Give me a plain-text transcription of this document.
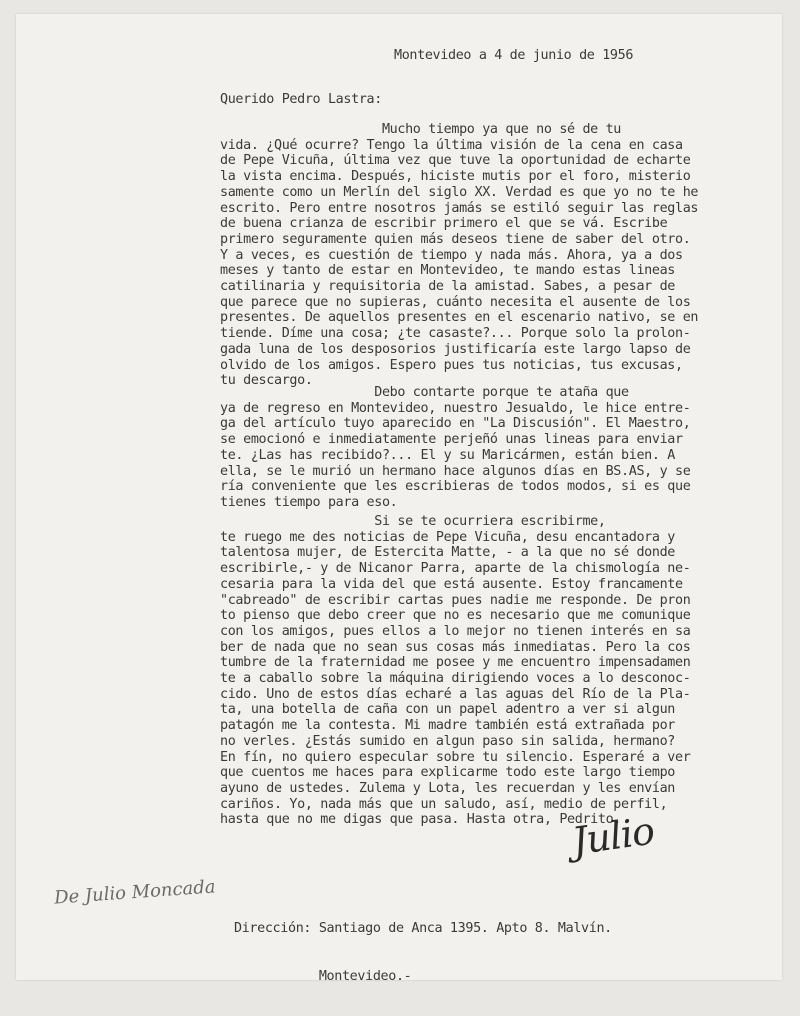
Montevideo a 4 de junio de 1956
Querido Pedro Lastra:
Mucho tiempo ya que no sé de tu
vida. ¿Qué ocurre? Tengo la última visión de la cena en casa
de Pepe Vicuña, última vez que tuve la oportunidad de echarte
la vista encima. Después, hiciste mutis por el foro, misterio
samente como un Merlín del siglo XX. Verdad es que yo no te he
escrito. Pero entre nosotros jamás se estiló seguir las reglas
de buena crianza de escribir primero el que se vá. Escribe
primero seguramente quien más deseos tiene de saber del otro.
Y a veces, es cuestión de tiempo y nada más. Ahora, ya a dos
meses y tanto de estar en Montevideo, te mando estas lineas
catilinaria y requisitoria de la amistad. Sabes, a pesar de
que parece que no supieras, cuánto necesita el ausente de los
presentes. De aquellos presentes en el escenario nativo, se en
tiende. Díme una cosa; ¿te casaste?... Porque solo la prolon-
gada luna de los desposorios justificaría este largo lapso de
olvido de los amigos. Espero pues tus noticias, tus excusas,
tu descargo.
Debo contarte porque te ataña que
ya de regreso en Montevideo, nuestro Jesualdo, le hice entre-
ga del artículo tuyo aparecido en "La Discusión". El Maestro,
se emocionó e inmediatamente perjeñó unas lineas para enviar
te. ¿Las has recibido?... El y su Maricármen, están bien. A
ella, se le murió un hermano hace algunos días en BS.AS, y se
ría conveniente que les escribieras de todos modos, si es que
tienes tiempo para eso.
Si se te ocurriera escribirme,
te ruego me des noticias de Pepe Vicuña, desu encantadora y
talentosa mujer, de Estercita Matte, - a la que no sé donde
escribirle,- y de Nicanor Parra, aparte de la chismología ne-
cesaria para la vida del que está ausente. Estoy francamente
"cabreado" de escribir cartas pues nadie me responde. De pron
to pienso que debo creer que no es necesario que me comunique
con los amigos, pues ellos a lo mejor no tienen interés en sa
ber de nada que no sean sus cosas más inmediatas. Pero la cos
tumbre de la fraternidad me posee y me encuentro impensadamen
te a caballo sobre la máquina dirigiendo voces a lo desconoc-
cido. Uno de estos días echaré a las aguas del Río de la Pla-
ta, una botella de caña con un papel adentro a ver si algun
patagón me la contesta. Mi madre también está extrañada por
no verles. ¿Estás sumido en algun paso sin salida, hermano?
En fín, no quiero especular sobre tu silencio. Esperaré a ver
que cuentos me haces para explicarme todo este largo tiempo
ayuno de ustedes. Zulema y Lota, les recuerdan y les envían
cariños. Yo, nada más que un saludo, así, medio de perfil,
hasta que no me digas que pasa. Hasta otra, Pedrito.
Julio
De Julio Moncada

Dirección: Santiago de Anca 1395. Apto 8. Malvín.

Montevideo.-
